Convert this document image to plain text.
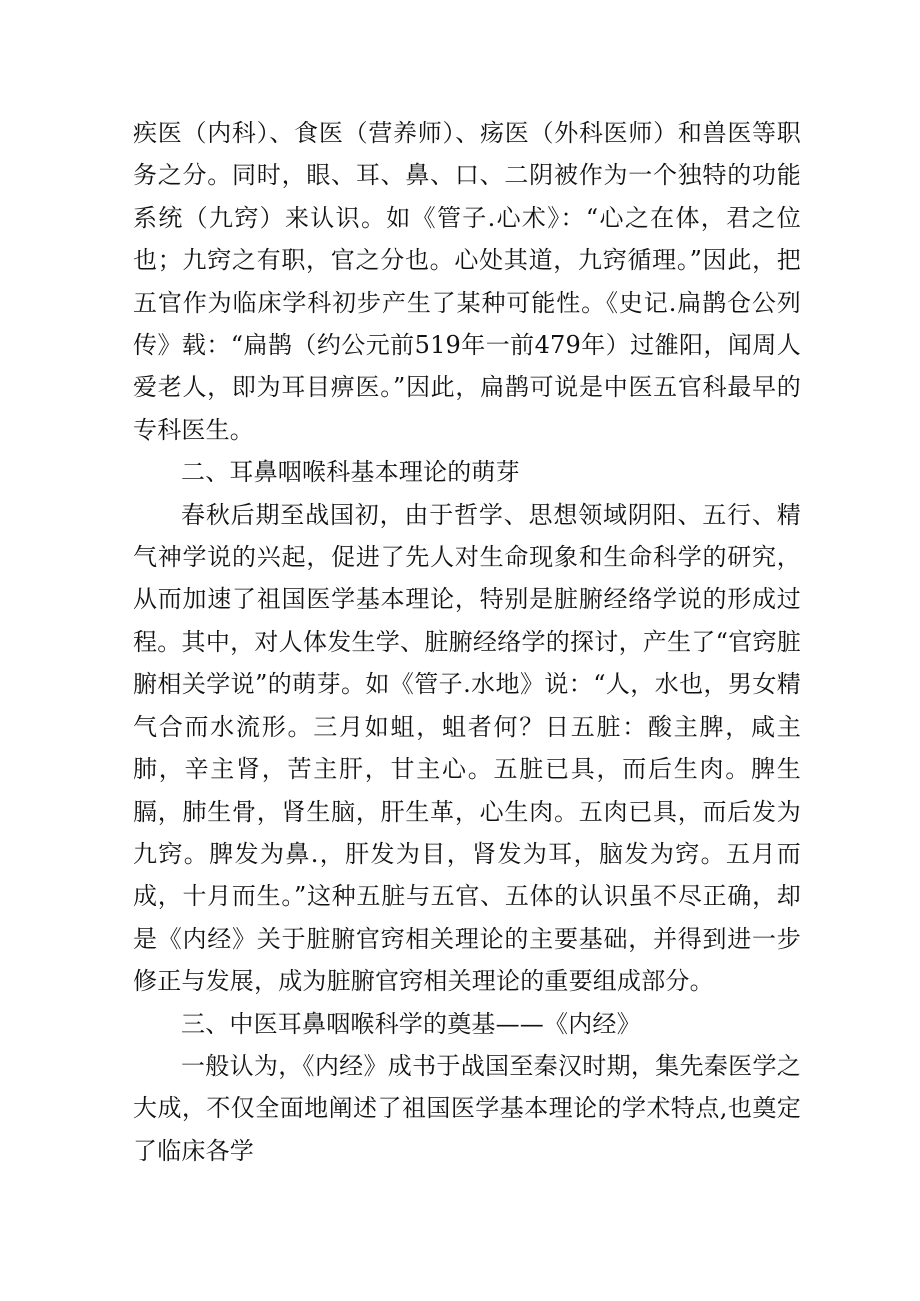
疾医（内科）、食医（营养师）、疡医（外科医师）和兽医等职务之分。同时，眼、耳、鼻、口、二阴被作为一个独特的功能系统（九窍）来认识。如《管子.心术》：“心之在体，君之位也；九窍之有职，官之分也。心处其道，九窍循理。”因此，把五官作为临床学科初步产生了某种可能性。《史记.扁鹊仓公列传》载：“扁鹊（约公元前519年一前479年）过雒阳，闻周人爱老人，即为耳目痹医。”因此，扁鹊可说是中医五官科最早的专科医生。

二、耳鼻咽喉科基本理论的萌芽

春秋后期至战国初，由于哲学、思想领域阴阳、五行、精气神学说的兴起，促进了先人对生命现象和生命科学的研究，从而加速了祖国医学基本理论，特别是脏腑经络学说的形成过程。其中，对人体发生学、脏腑经络学的探讨，产生了“官窍脏腑相关学说”的萌芽。如《管子.水地》说：“人，水也，男女精气合而水流形。三月如蛆，蛆者何？日五脏：酸主脾，咸主肺，辛主肾，苦主肝，甘主心。五脏已具，而后生肉。脾生膈，肺生骨，肾生脑，肝生革，心生肉。五肉已具，而后发为九窍。脾发为鼻.，肝发为目，肾发为耳，脑发为窍。五月而成，十月而生。”这种五脏与五官、五体的认识虽不尽正确，却是《内经》关于脏腑官窍相关理论的主要基础，并得到进一步修正与发展，成为脏腑官窍相关理论的重要组成部分。

三、中医耳鼻咽喉科学的奠基——《内经》

一般认为，《内经》成书于战国至秦汉时期，集先秦医学之大成，不仅全面地阐述了祖国医学基本理论的学术特点,也奠定了临床各学
